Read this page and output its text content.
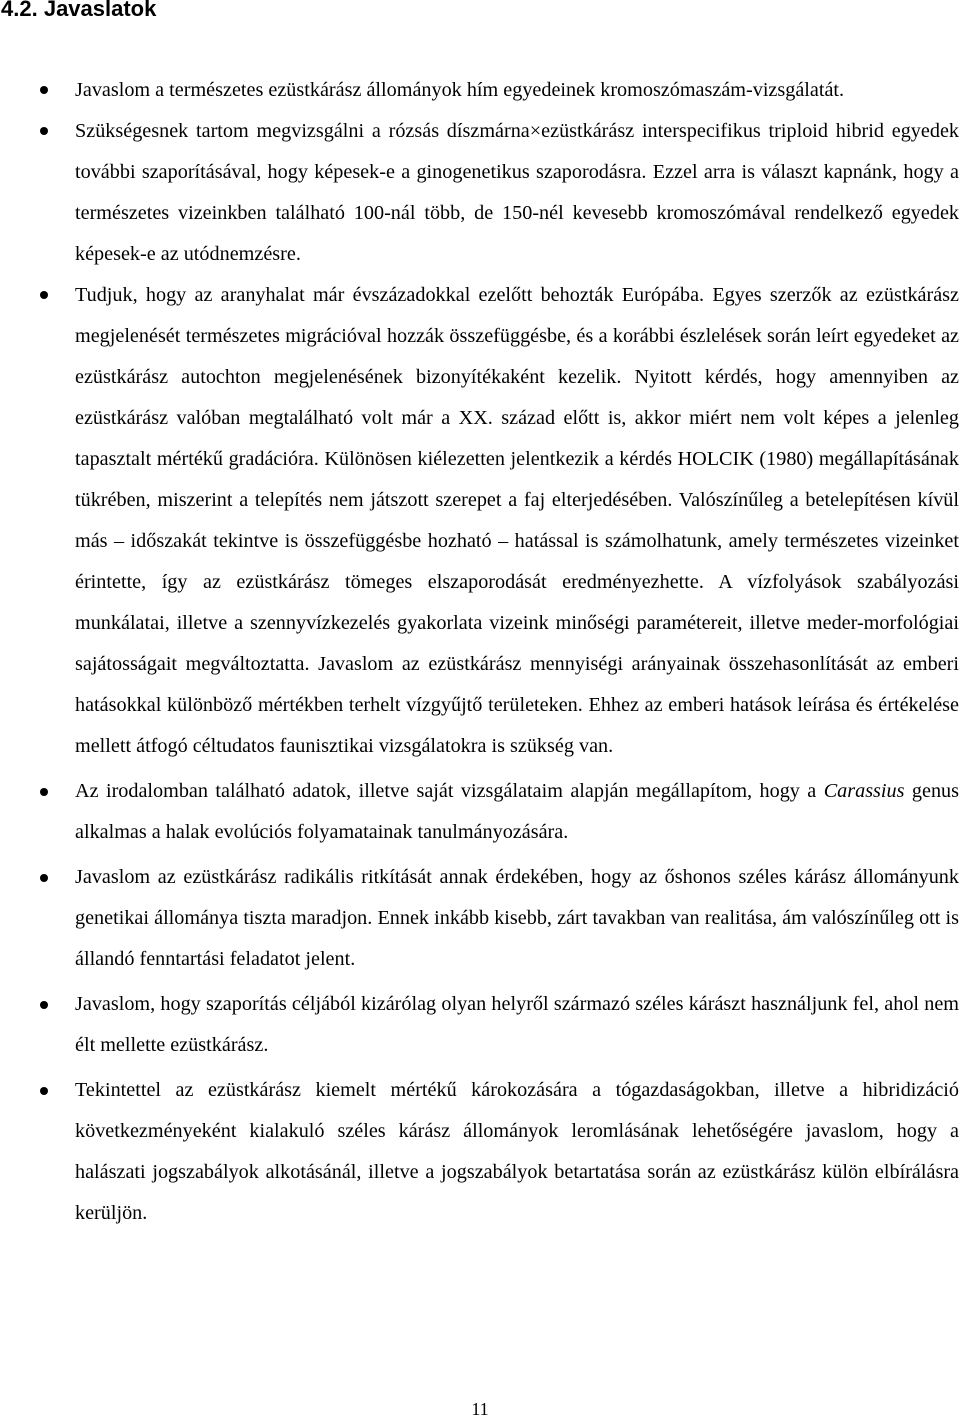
4.2. Javaslatok
Javaslom a természetes ezüstkárász állományok hím egyedeinek kromoszómaszám-vizsgálatát.
Szükségesnek tartom megvizsgálni a rózsás díszmárna×ezüstkárász interspecifikus triploid hibrid egyedek további szaporításával, hogy képesek-e a ginogenetikus szaporodásra. Ezzel arra is választ kapnánk, hogy a természetes vizeinkben található 100-nál több, de 150-nél kevesebb kromoszómával rendelkező egyedek képesek-e az utódnemzésre.
Tudjuk, hogy az aranyhalat már évszázadokkal ezelőtt behozták Európába. Egyes szerzők az ezüstkárász megjelenését természetes migrációval hozzák összefüggésbe, és a korábbi észlelések során leírt egyedeket az ezüstkárász autochton megjelenésének bizonyítékaként kezelik. Nyitott kérdés, hogy amennyiben az ezüstkárász valóban megtalálható volt már a XX. század előtt is, akkor miért nem volt képes a jelenleg tapasztalt mértékű gradációra. Különösen kiélezetten jelentkezik a kérdés HOLCIK (1980) megállapításának tükrében, miszerint a telepítés nem játszott szerepet a faj elterjedésében. Valószínűleg a betelepítésen kívül más – időszakát tekintve is összefüggésbe hozható – hatással is számolhatunk, amely természetes vizeinket érintette, így az ezüstkárász tömeges elszaporodását eredményezhette. A vízfolyások szabályozási munkálatai, illetve a szennyvízkezelés gyakorlata vizeink minőségi paramétereit, illetve meder-morfológiai sajátosságait megváltoztatta. Javaslom az ezüstkárász mennyiségi arányainak összehasonlítását az emberi hatásokkal különböző mértékben terhelt vízgyűjtő területeken. Ehhez az emberi hatások leírása és értékelése mellett átfogó céltudatos faunisztikai vizsgálatokra is szükség van.
Az irodalomban található adatok, illetve saját vizsgálataim alapján megállapítom, hogy a Carassius genus alkalmas a halak evolúciós folyamatainak tanulmányozására.
Javaslom az ezüstkárász radikális ritkítását annak érdekében, hogy az őshonos széles kárász állományunk genetikai állománya tiszta maradjon. Ennek inkább kisebb, zárt tavakban van realitása, ám valószínűleg ott is állandó fenntartási feladatot jelent.
Javaslom, hogy szaporítás céljából kizárólag olyan helyről származó széles kárászt használjunk fel, ahol nem élt mellette ezüstkárász.
Tekintettel az ezüstkárász kiemelt mértékű károkozására a tógazdaságokban, illetve a hibridizáció következményeként kialakuló széles kárász állományok leromlásának lehetőségére javaslom, hogy a halászati jogszabályok alkotásánál, illetve a jogszabályok betartatása során az ezüstkárász külön elbírálásra kerüljön.
11
